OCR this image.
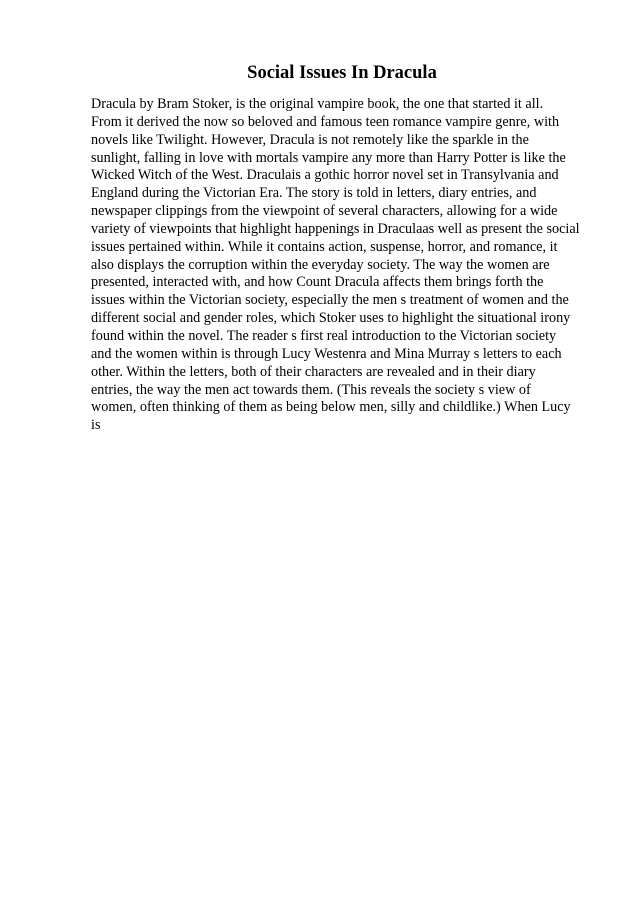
Social Issues In Dracula
Dracula by Bram Stoker, is the original vampire book, the one that started it all.
From it derived the now so beloved and famous teen romance vampire genre, with
novels like Twilight. However, Dracula is not remotely like the sparkle in the
sunlight, falling in love with mortals vampire any more than Harry Potter is like the
Wicked Witch of the West. Draculais a gothic horror novel set in Transylvania and
England during the Victorian Era. The story is told in letters, diary entries, and
newspaper clippings from the viewpoint of several characters, allowing for a wide
variety of viewpoints that highlight happenings in Draculaas well as present the social
issues pertained within. While it contains action, suspense, horror, and romance, it
also displays the corruption within the everyday society. The way the women are
presented, interacted with, and how Count Dracula affects them brings forth the
issues within the Victorian society, especially the men s treatment of women and the
different social and gender roles, which Stoker uses to highlight the situational irony
found within the novel. The reader s first real introduction to the Victorian society
and the women within is through Lucy Westenra and Mina Murray s letters to each
other. Within the letters, both of their characters are revealed and in their diary
entries, the way the men act towards them. (This reveals the society s view of
women, often thinking of them as being below men, silly and childlike.) When Lucy
is
